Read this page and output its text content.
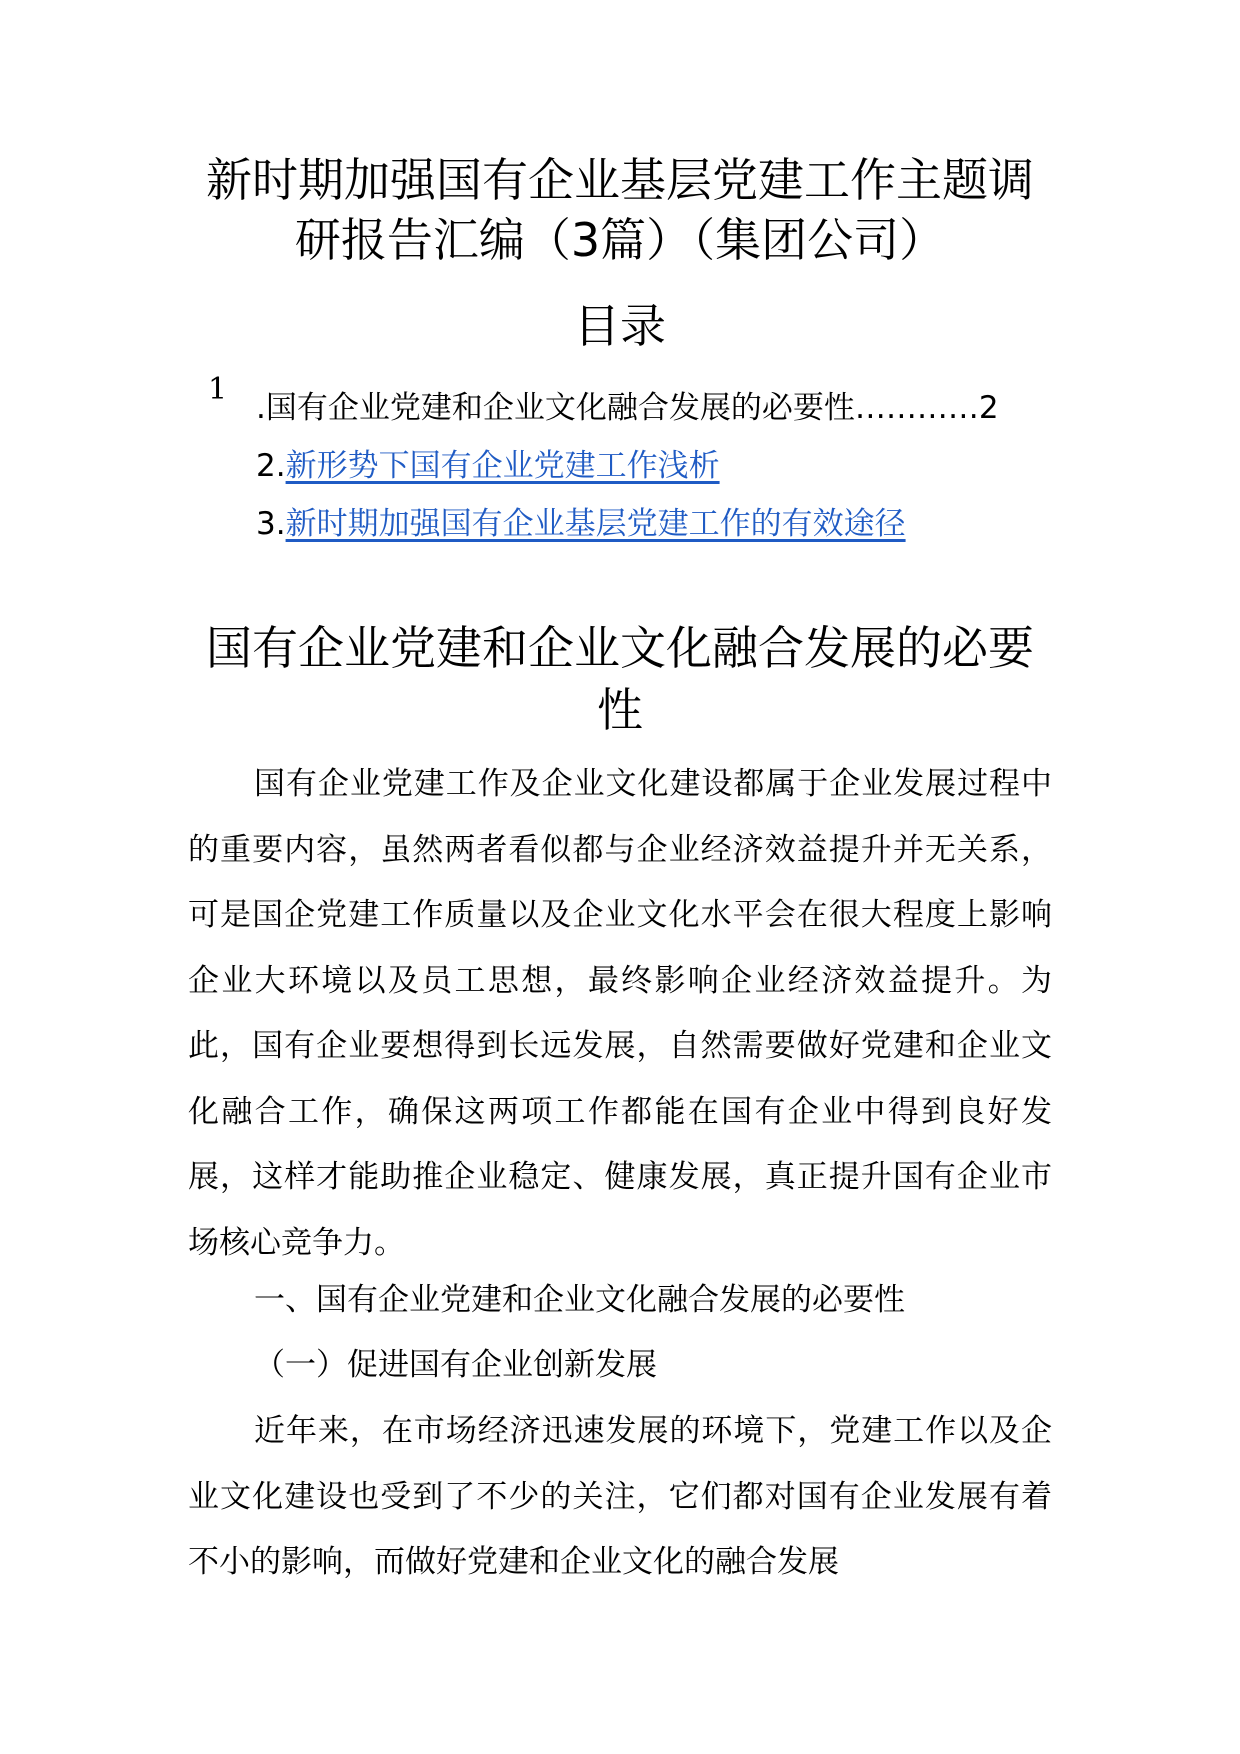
新时期加强国有企业基层党建工作主题调
研报告汇编（3篇）（集团公司）
目录
1
.国有企业党建和企业文化融合发展的必要性…………2
2.新形势下国有企业党建工作浅析
3.新时期加强国有企业基层党建工作的有效途径
国有企业党建和企业文化融合发展的必要
性

国有企业党建工作及企业文化建设都属于企业发展过程中的重要内容，虽然两者看似都与企业经济效益提升并无关系，可是国企党建工作质量以及企业文化水平会在很大程度上影响企业大环境以及员工思想，最终影响企业经济效益提升。为此，国有企业要想得到长远发展，自然需要做好党建和企业文化融合工作，确保这两项工作都能在国有企业中得到良好发展，这样才能助推企业稳定、健康发展，真正提升国有企业市场核心竞争力。

一、国有企业党建和企业文化融合发展的必要性

（一）促进国有企业创新发展

近年来，在市场经济迅速发展的环境下，党建工作以及企业文化建设也受到了不少的关注，它们都对国有企业发展有着不小的影响，而做好党建和企业文化的融合发展
